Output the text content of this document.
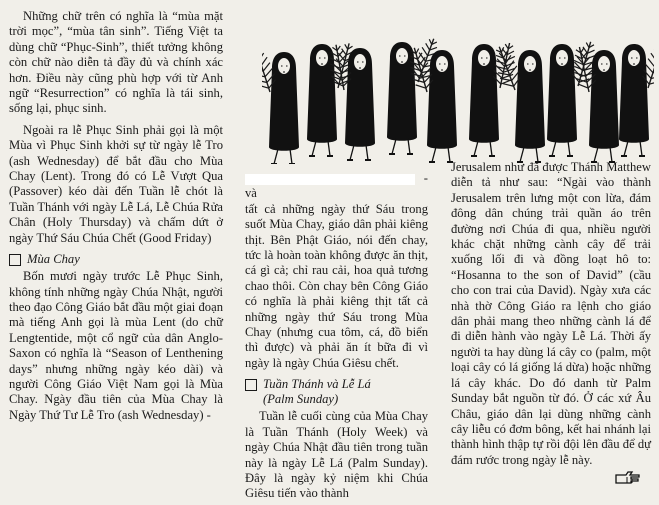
Những chữ trên có nghĩa là “mùa mặt trời mọc”, “mùa tân sinh”. Tiếng Việt ta dùng chữ “Phục-Sinh”, thiết tưởng không còn chữ nào diễn tả đầy đủ và chính xác hơn. Điều này cũng phù hợp với từ Anh ngữ “Resurrection” có nghĩa là tái sinh, sống lại, phục sinh.

Ngoài ra lễ Phục Sinh phải gọi là một Mùa vì Phục Sinh khởi sự từ ngày lễ Tro (ash Wednesday) để bắt đầu cho Mùa Chay (Lent). Trong đó có Lễ Vượt Qua (Passover) kéo dài đến Tuần lễ chót là Tuần Thánh với ngày Lễ Lá, Lễ Chúa Rửa Chân (Holy Thursday) và chấm dứt ở ngày Thứ Sáu Chúa Chết (Good Friday)

Mùa Chay

Bốn mươi ngày trước Lễ Phục Sinh, không tính những ngày Chúa Nhật, người theo đạo Công Giáo bắt đầu một giai đoạn mà tiếng Anh gọi là mùa Lent (do chữ Lengtentide, một cổ ngữ của dân Anglo-Saxon có nghĩa là “Season of Lenthening days” nhưng những ngày kéo dài) và người Công Giáo Việt Nam gọi là Mùa Chay. Ngày đầu tiên của Mùa Chay là Ngày Thứ Tư Lễ Tro (ash Wednesday) -

- và

tất cả những ngày thứ Sáu trong suốt Mùa Chay, giáo dân phải kiêng thịt. Bên Phật Giáo, nói đến chay, tức là hoàn toàn không được ăn thịt, cá gì cả; chỉ rau cải, hoa quả tương chao thôi. Còn chay bên Công Giáo có nghĩa là phải kiêng thịt tất cả những ngày thứ Sáu trong Mùa Chay (nhưng cua tôm, cá, đồ biển thì được) và phải ăn ít bữa đi vì ngày là ngày Chúa Giêsu chết.

Tuần Thánh và Lễ Lá
(Palm Sunday)

Tuần lễ cuối cùng của Mùa Chay là Tuần Thánh (Holy Week) và ngày Chúa Nhật đầu tiên trong tuần này là ngày Lễ Lá (Palm Sunday). Đây là ngày kỷ niệm khi Chúa Giêsu tiến vào thành

Jerusalem như đã được Thánh Matthew diễn tả như sau: “Ngài vào thành Jerusalem trên lưng một con lừa, đám đông dân chúng trải quần áo trên đường nơi Chúa đi qua, nhiều người khác chặt những cành cây để trải xuống lối đi và đồng loạt hô to: “Hosanna to the son of David” (cầu cho con trai của David). Ngày xưa các nhà thờ Công Giáo ra lệnh cho giáo dân phải mang theo những cành lá để đi diễn hành vào ngày Lễ Lá. Thời ấy người ta hay dùng lá cây co (palm, một loại cây có lá giống lá dừa) hoặc những lá cây khác. Do đó danh từ Palm Sunday bắt nguồn từ đó. Ở các xứ Âu Châu, giáo dân lại dùng những cành cây liễu có đơm bông, kết hai nhánh lại thành hình thập tự rồi đội lên đầu để dự đám rước trong ngày lễ này.
